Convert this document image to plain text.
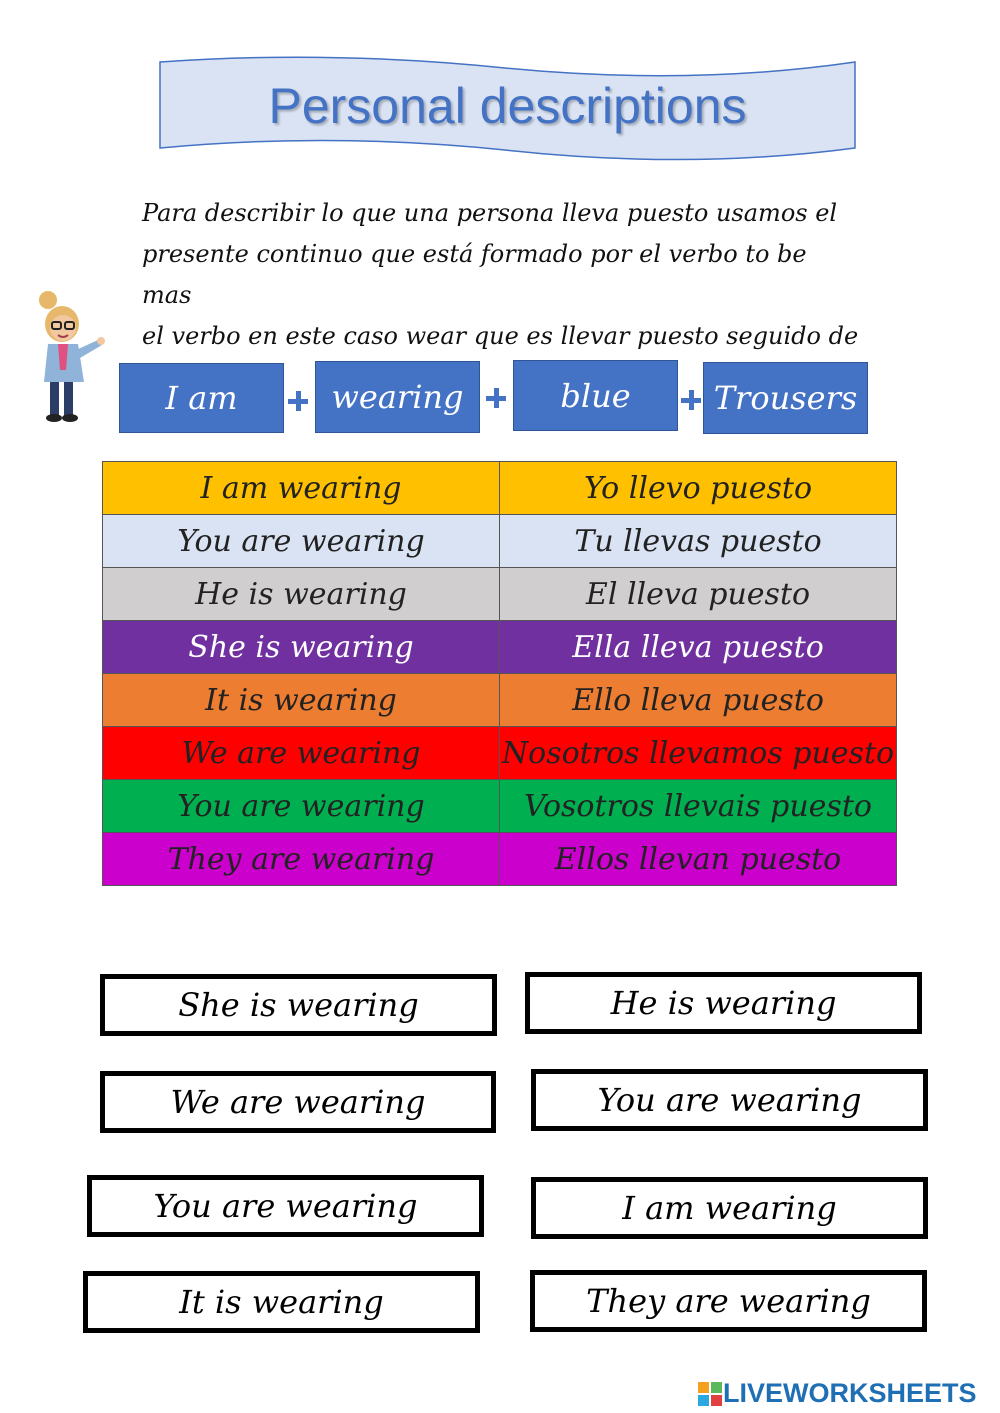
Personal descriptions
Para describir lo que una persona lleva puesto usamos el
presente continuo que está formado por el verbo to be mas
el verbo en este caso wear que es llevar puesto seguido de
I am	wearing	blue	Trousers
I am wearing	Yo llevo puesto
You are wearing	Tu llevas puesto
He is wearing	El lleva puesto
She is wearing	Ella lleva puesto
It is wearing	Ello lleva puesto
We are wearing	Nosotros llevamos puesto
You are wearing	Vosotros llevais puesto
They are wearing	Ellos llevan puesto
She is wearing	He is wearing
We are wearing	You are wearing
You are wearing	I am wearing
It is wearing	They are wearing
LIVEWORKSHEETS
